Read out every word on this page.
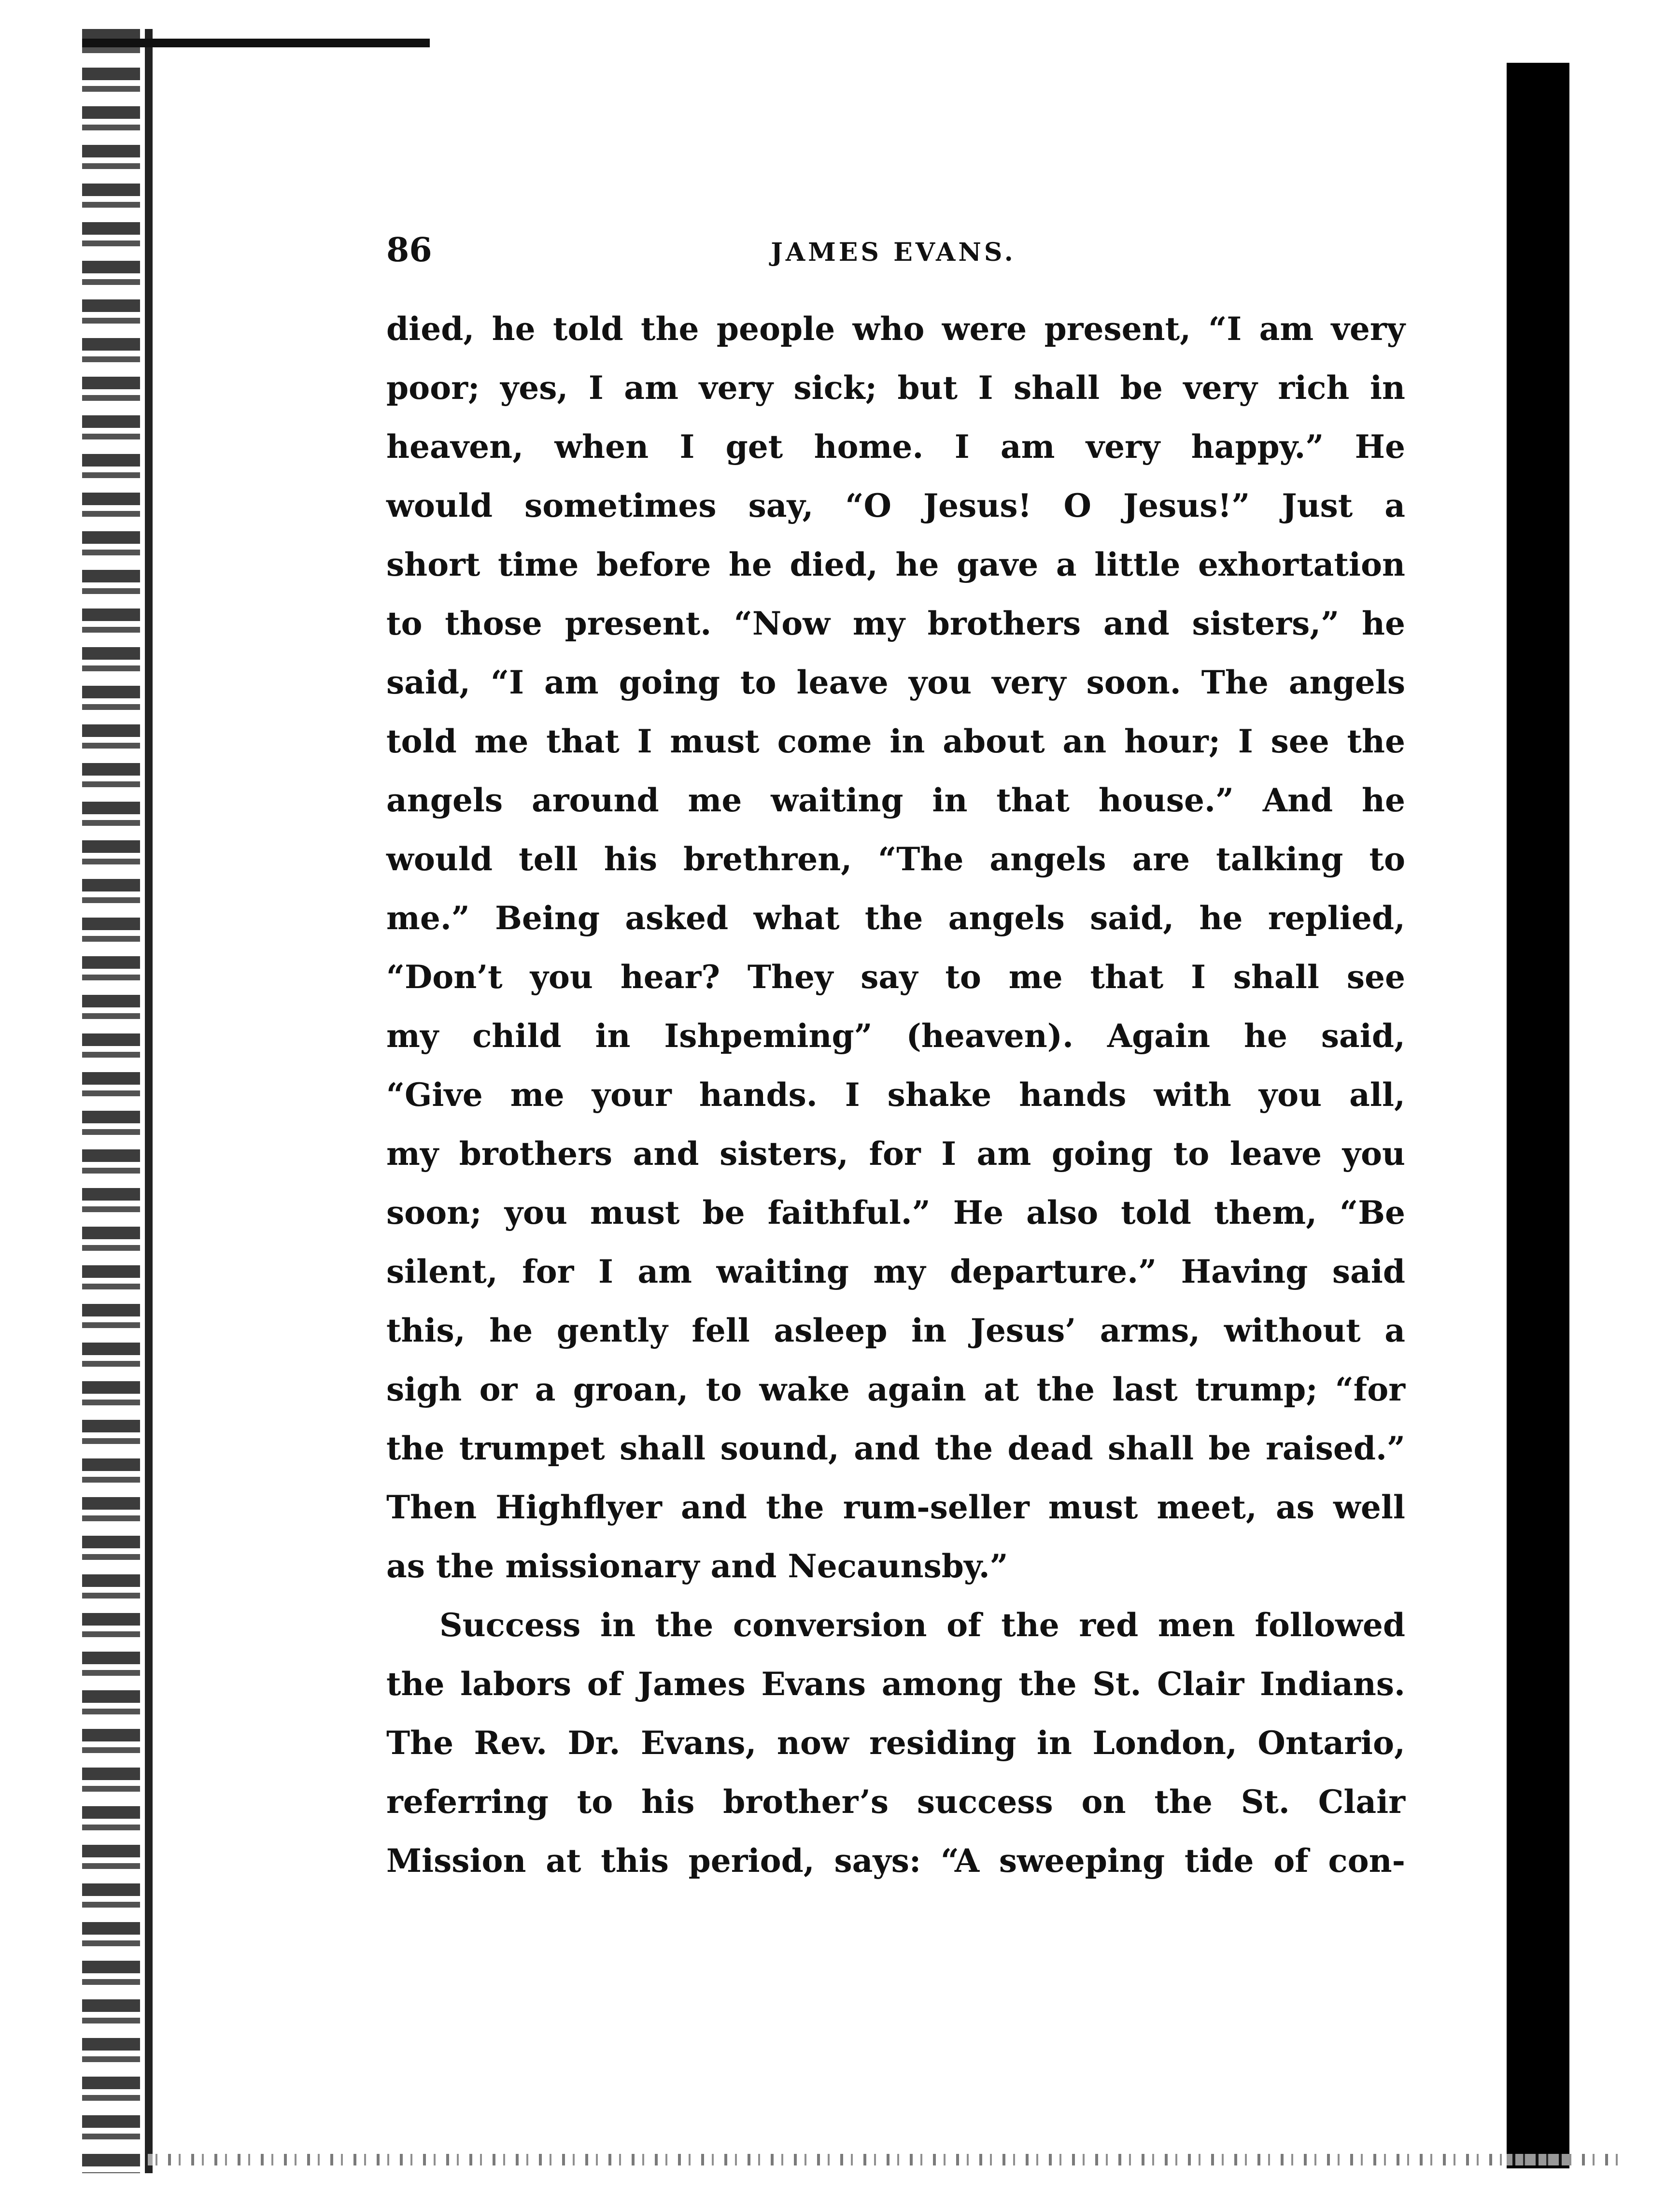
86	JAMES EVANS.
died, he told the people who were present, “I am very
poor; yes, I am very sick; but I shall be very rich in
heaven, when I get home. I am very happy.” He
would sometimes say, “O Jesus! O Jesus!” Just a
short time before he died, he gave a little exhortation
to those present. “Now my brothers and sisters,” he
said, “I am going to leave you very soon. The angels
told me that I must come in about an hour; I see the
angels around me waiting in that house.” And he
would tell his brethren, “The angels are talking to
me.” Being asked what the angels said, he replied,
“Don’t you hear? They say to me that I shall see
my child in Ishpeming” (heaven). Again he said,
“Give me your hands. I shake hands with you all,
my brothers and sisters, for I am going to leave you
soon; you must be faithful.” He also told them, “Be
silent, for I am waiting my departure.” Having said
this, he gently fell asleep in Jesus’ arms, without a
sigh or a groan, to wake again at the last trump; “for
the trumpet shall sound, and the dead shall be raised.”
Then Highflyer and the rum-seller must meet, as well
as the missionary and Necaunsby.”
Success in the conversion of the red men followed
the labors of James Evans among the St. Clair Indians.
The Rev. Dr. Evans, now residing in London, Ontario,
referring to his brother’s success on the St. Clair
Mission at this period, says: “A sweeping tide of con-
